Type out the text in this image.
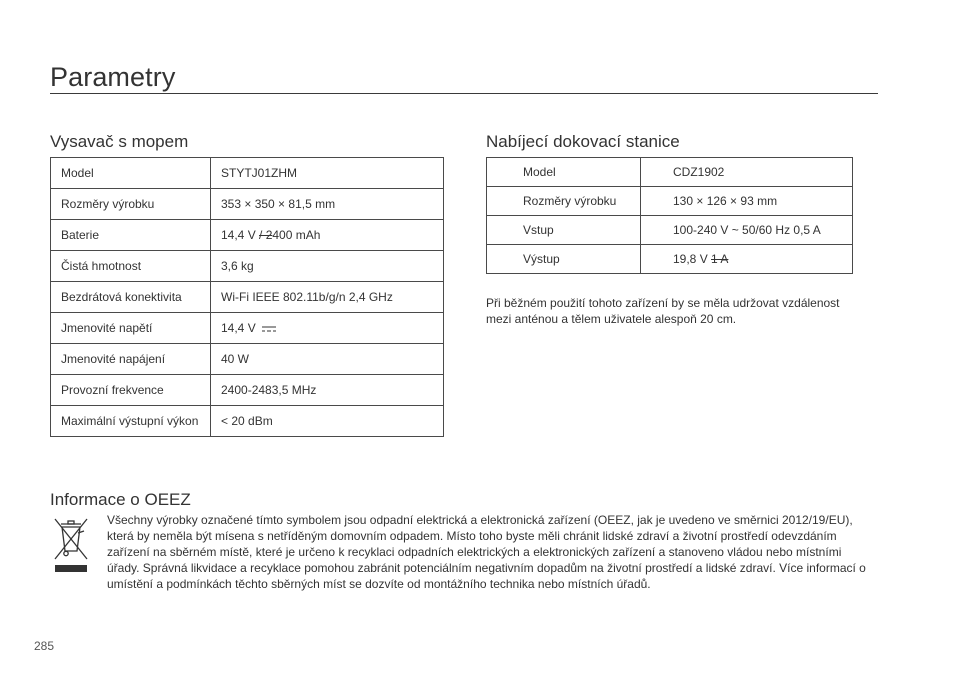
Parametry
Vysavač s mopem
Model	STYTJ01ZHM
Rozměry výrobku	353 × 350 × 81,5 mm
Baterie	14,4 V / 2400 mAh
Čistá hmotnost	3,6 kg
Bezdrátová konektivita	Wi-Fi IEEE 802.11b/g/n 2,4 GHz
Jmenovité napětí	14,4 V
Jmenovité napájení	40 W
Provozní frekvence	2400-2483,5 MHz
Maximální výstupní výkon	< 20 dBm
Nabíjecí dokovací stanice
Model	CDZ1902
Rozměry výrobku	130 × 126 × 93 mm
Vstup	100-240 V ~ 50/60 Hz 0,5 A
Výstup	19,8 V 1 A

Při běžném použití tohoto zařízení by se měla udržovat vzdálenost mezi anténou a tělem uživatele alespoň 20 cm.

Informace o OEEZ

Všechny výrobky označené tímto symbolem jsou odpadní elektrická a elektronická zařízení (OEEZ, jak je uvedeno ve směrnici 2012/19/EU), která by neměla být mísena s netříděným domovním odpadem. Místo toho byste měli chránit lidské zdraví a životní prostředí odevzdáním zařízení na sběrném místě, které je určeno k recyklaci odpadních elektrických a elektronických zařízení a stanoveno vládou nebo místními úřady. Správná likvidace a recyklace pomohou zabránit potenciálním negativním dopadům na životní prostředí a lidské zdraví. Více informací o umístění a podmínkách těchto sběrných míst se dozvíte od montážního technika nebo místních úřadů.

285
